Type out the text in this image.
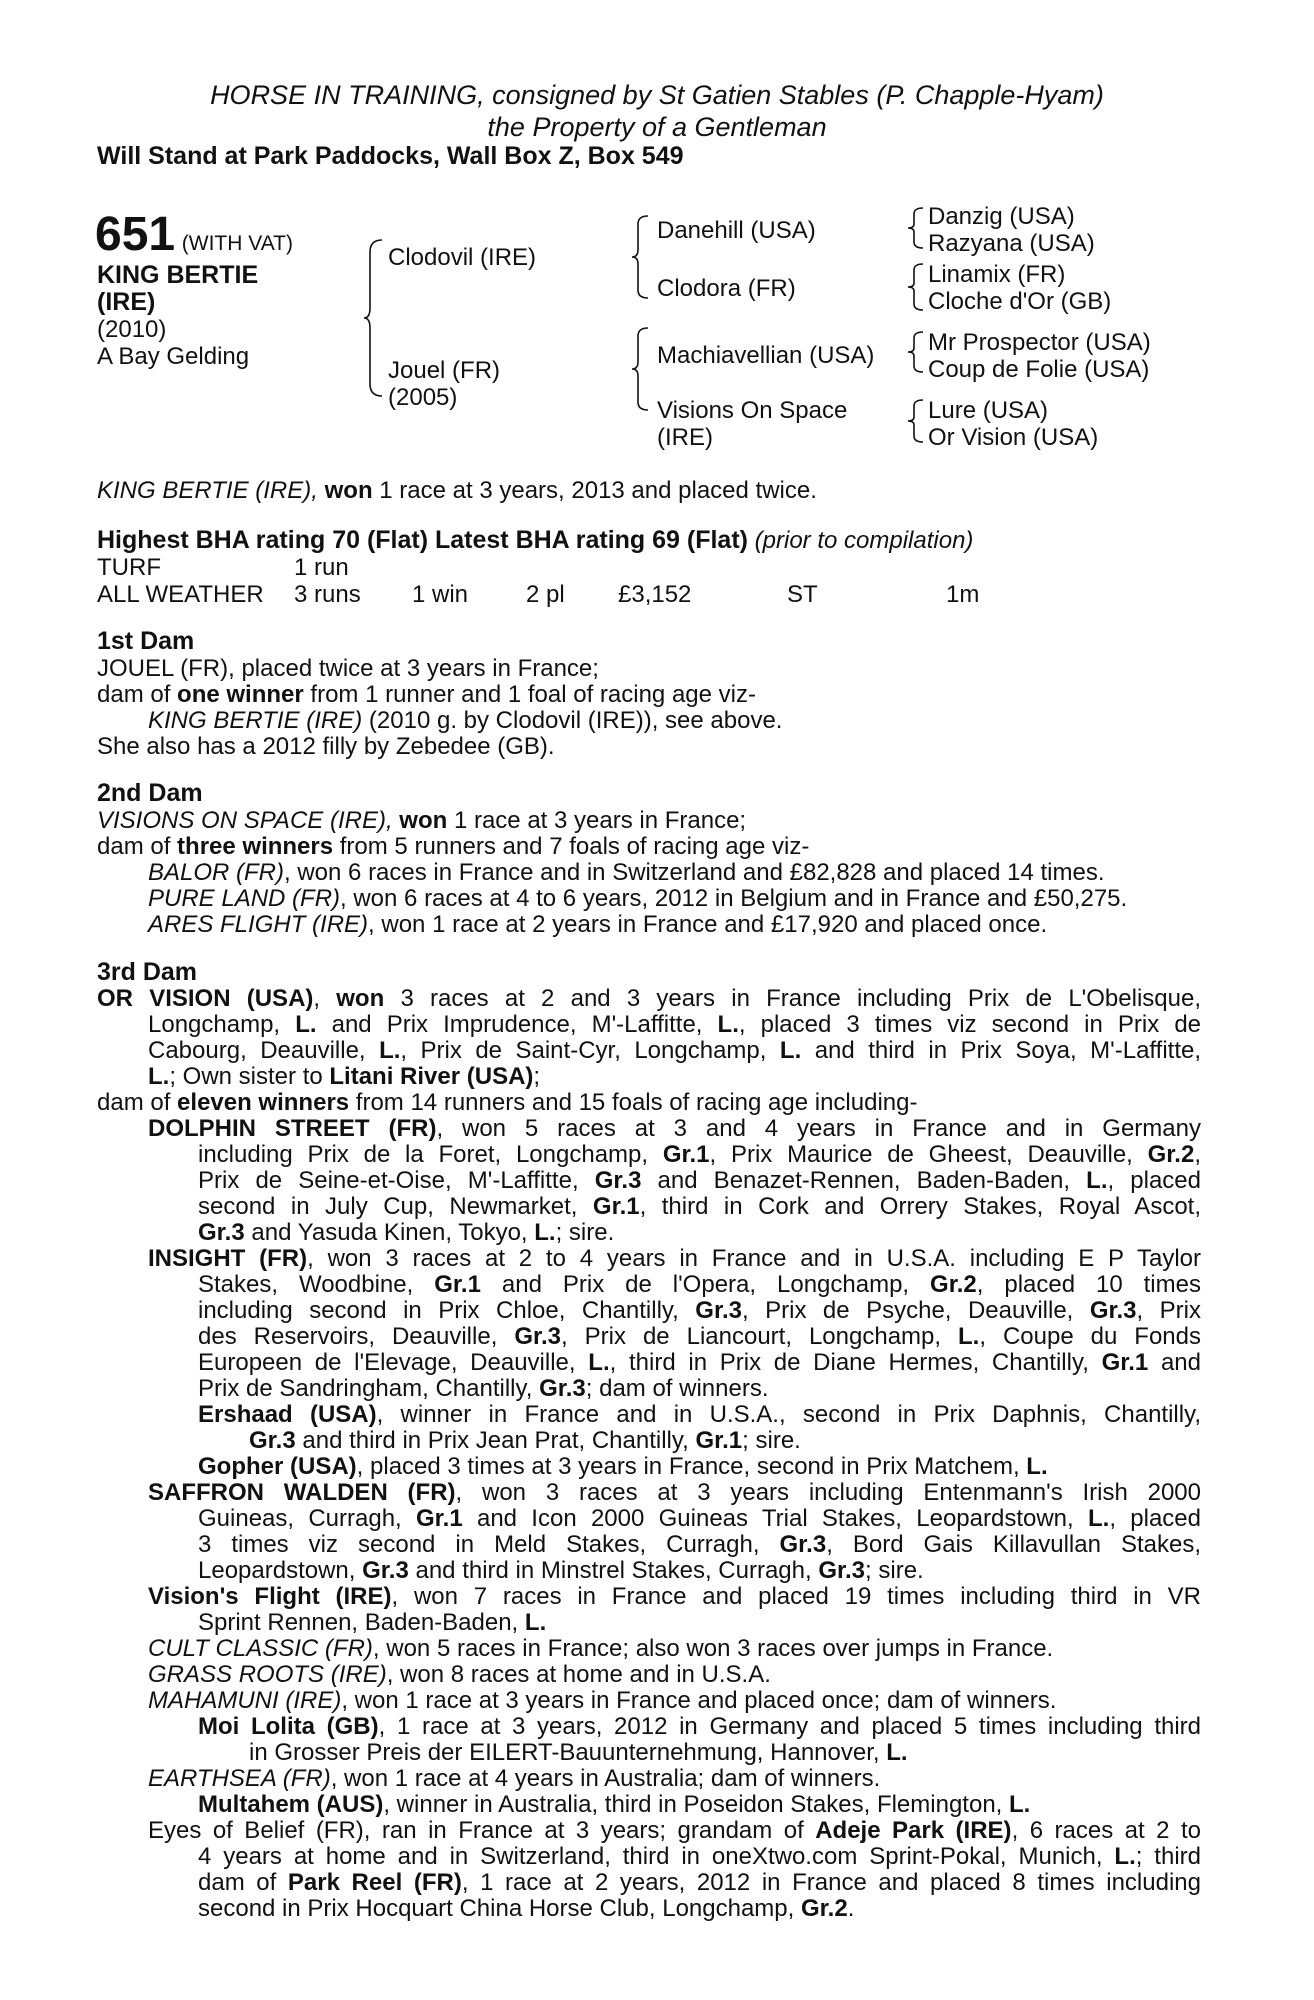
HORSE IN TRAINING, consigned by St Gatien Stables (P. Chapple-Hyam)
the Property of a Gentleman
Will Stand at Park Paddocks, Wall Box Z, Box 549
651 (WITH VAT)
KING BERTIE
(IRE)
(2010)
A Bay Gelding
Clodovil (IRE)
Jouel (FR)
(2005)
Danehill (USA)
Clodora (FR)
Machiavellian (USA)
Visions On Space
(IRE)
Danzig (USA)
Razyana (USA)
Linamix (FR)
Cloche d'Or (GB)
Mr Prospector (USA)
Coup de Folie (USA)
Lure (USA)
Or Vision (USA)
KING BERTIE (IRE), won 1 race at 3 years, 2013 and placed twice.
Highest BHA rating 70 (Flat) Latest BHA rating 69 (Flat) (prior to compilation)
TURF	1 run
ALL WEATHER 3 runs 1 win 2 pl £3,152	ST	1m
1st Dam
JOUEL (FR), placed twice at 3 years in France;
dam of one winner from 1 runner and 1 foal of racing age viz-
KING BERTIE (IRE) (2010 g. by Clodovil (IRE)), see above.
She also has a 2012 filly by Zebedee (GB).
2nd Dam
VISIONS ON SPACE (IRE), won 1 race at 3 years in France;
dam of three winners from 5 runners and 7 foals of racing age viz-
BALOR (FR), won 6 races in France and in Switzerland and £82,828 and placed 14 times.
PURE LAND (FR), won 6 races at 4 to 6 years, 2012 in Belgium and in France and £50,275.
ARES FLIGHT (IRE), won 1 race at 2 years in France and £17,920 and placed once.
3rd Dam
OR VISION (USA), won 3 races at 2 and 3 years in France including Prix de L'Obelisque,
Longchamp, L. and Prix Imprudence, M'-Laffitte, L., placed 3 times viz second in Prix de
Cabourg, Deauville, L., Prix de Saint-Cyr, Longchamp, L. and third in Prix Soya, M'-Laffitte,
L.; Own sister to Litani River (USA);
dam of eleven winners from 14 runners and 15 foals of racing age including-
DOLPHIN STREET (FR), won 5 races at 3 and 4 years in France and in Germany
including Prix de la Foret, Longchamp, Gr.1, Prix Maurice de Gheest, Deauville, Gr.2,
Prix de Seine-et-Oise, M'-Laffitte, Gr.3 and Benazet-Rennen, Baden-Baden, L., placed
second in July Cup, Newmarket, Gr.1, third in Cork and Orrery Stakes, Royal Ascot,
Gr.3 and Yasuda Kinen, Tokyo, L.; sire.
INSIGHT (FR), won 3 races at 2 to 4 years in France and in U.S.A. including E P Taylor
Stakes, Woodbine, Gr.1 and Prix de l'Opera, Longchamp, Gr.2, placed 10 times
including second in Prix Chloe, Chantilly, Gr.3, Prix de Psyche, Deauville, Gr.3, Prix
des Reservoirs, Deauville, Gr.3, Prix de Liancourt, Longchamp, L., Coupe du Fonds
Europeen de l'Elevage, Deauville, L., third in Prix de Diane Hermes, Chantilly, Gr.1 and
Prix de Sandringham, Chantilly, Gr.3; dam of winners.
Ershaad (USA), winner in France and in U.S.A., second in Prix Daphnis, Chantilly,
Gr.3 and third in Prix Jean Prat, Chantilly, Gr.1; sire.
Gopher (USA), placed 3 times at 3 years in France, second in Prix Matchem, L.
SAFFRON WALDEN (FR), won 3 races at 3 years including Entenmann's Irish 2000
Guineas, Curragh, Gr.1 and Icon 2000 Guineas Trial Stakes, Leopardstown, L., placed
3 times viz second in Meld Stakes, Curragh, Gr.3, Bord Gais Killavullan Stakes,
Leopardstown, Gr.3 and third in Minstrel Stakes, Curragh, Gr.3; sire.
Vision's Flight (IRE), won 7 races in France and placed 19 times including third in VR
Sprint Rennen, Baden-Baden, L.
CULT CLASSIC (FR), won 5 races in France; also won 3 races over jumps in France.
GRASS ROOTS (IRE), won 8 races at home and in U.S.A.
MAHAMUNI (IRE), won 1 race at 3 years in France and placed once; dam of winners.
Moi Lolita (GB), 1 race at 3 years, 2012 in Germany and placed 5 times including third
in Grosser Preis der EILERT-Bauunternehmung, Hannover, L.
EARTHSEA (FR), won 1 race at 4 years in Australia; dam of winners.
Multahem (AUS), winner in Australia, third in Poseidon Stakes, Flemington, L.
Eyes of Belief (FR), ran in France at 3 years; grandam of Adeje Park (IRE), 6 races at 2 to
4 years at home and in Switzerland, third in oneXtwo.com Sprint-Pokal, Munich, L.; third
dam of Park Reel (FR), 1 race at 2 years, 2012 in France and placed 8 times including
second in Prix Hocquart China Horse Club, Longchamp, Gr.2.
